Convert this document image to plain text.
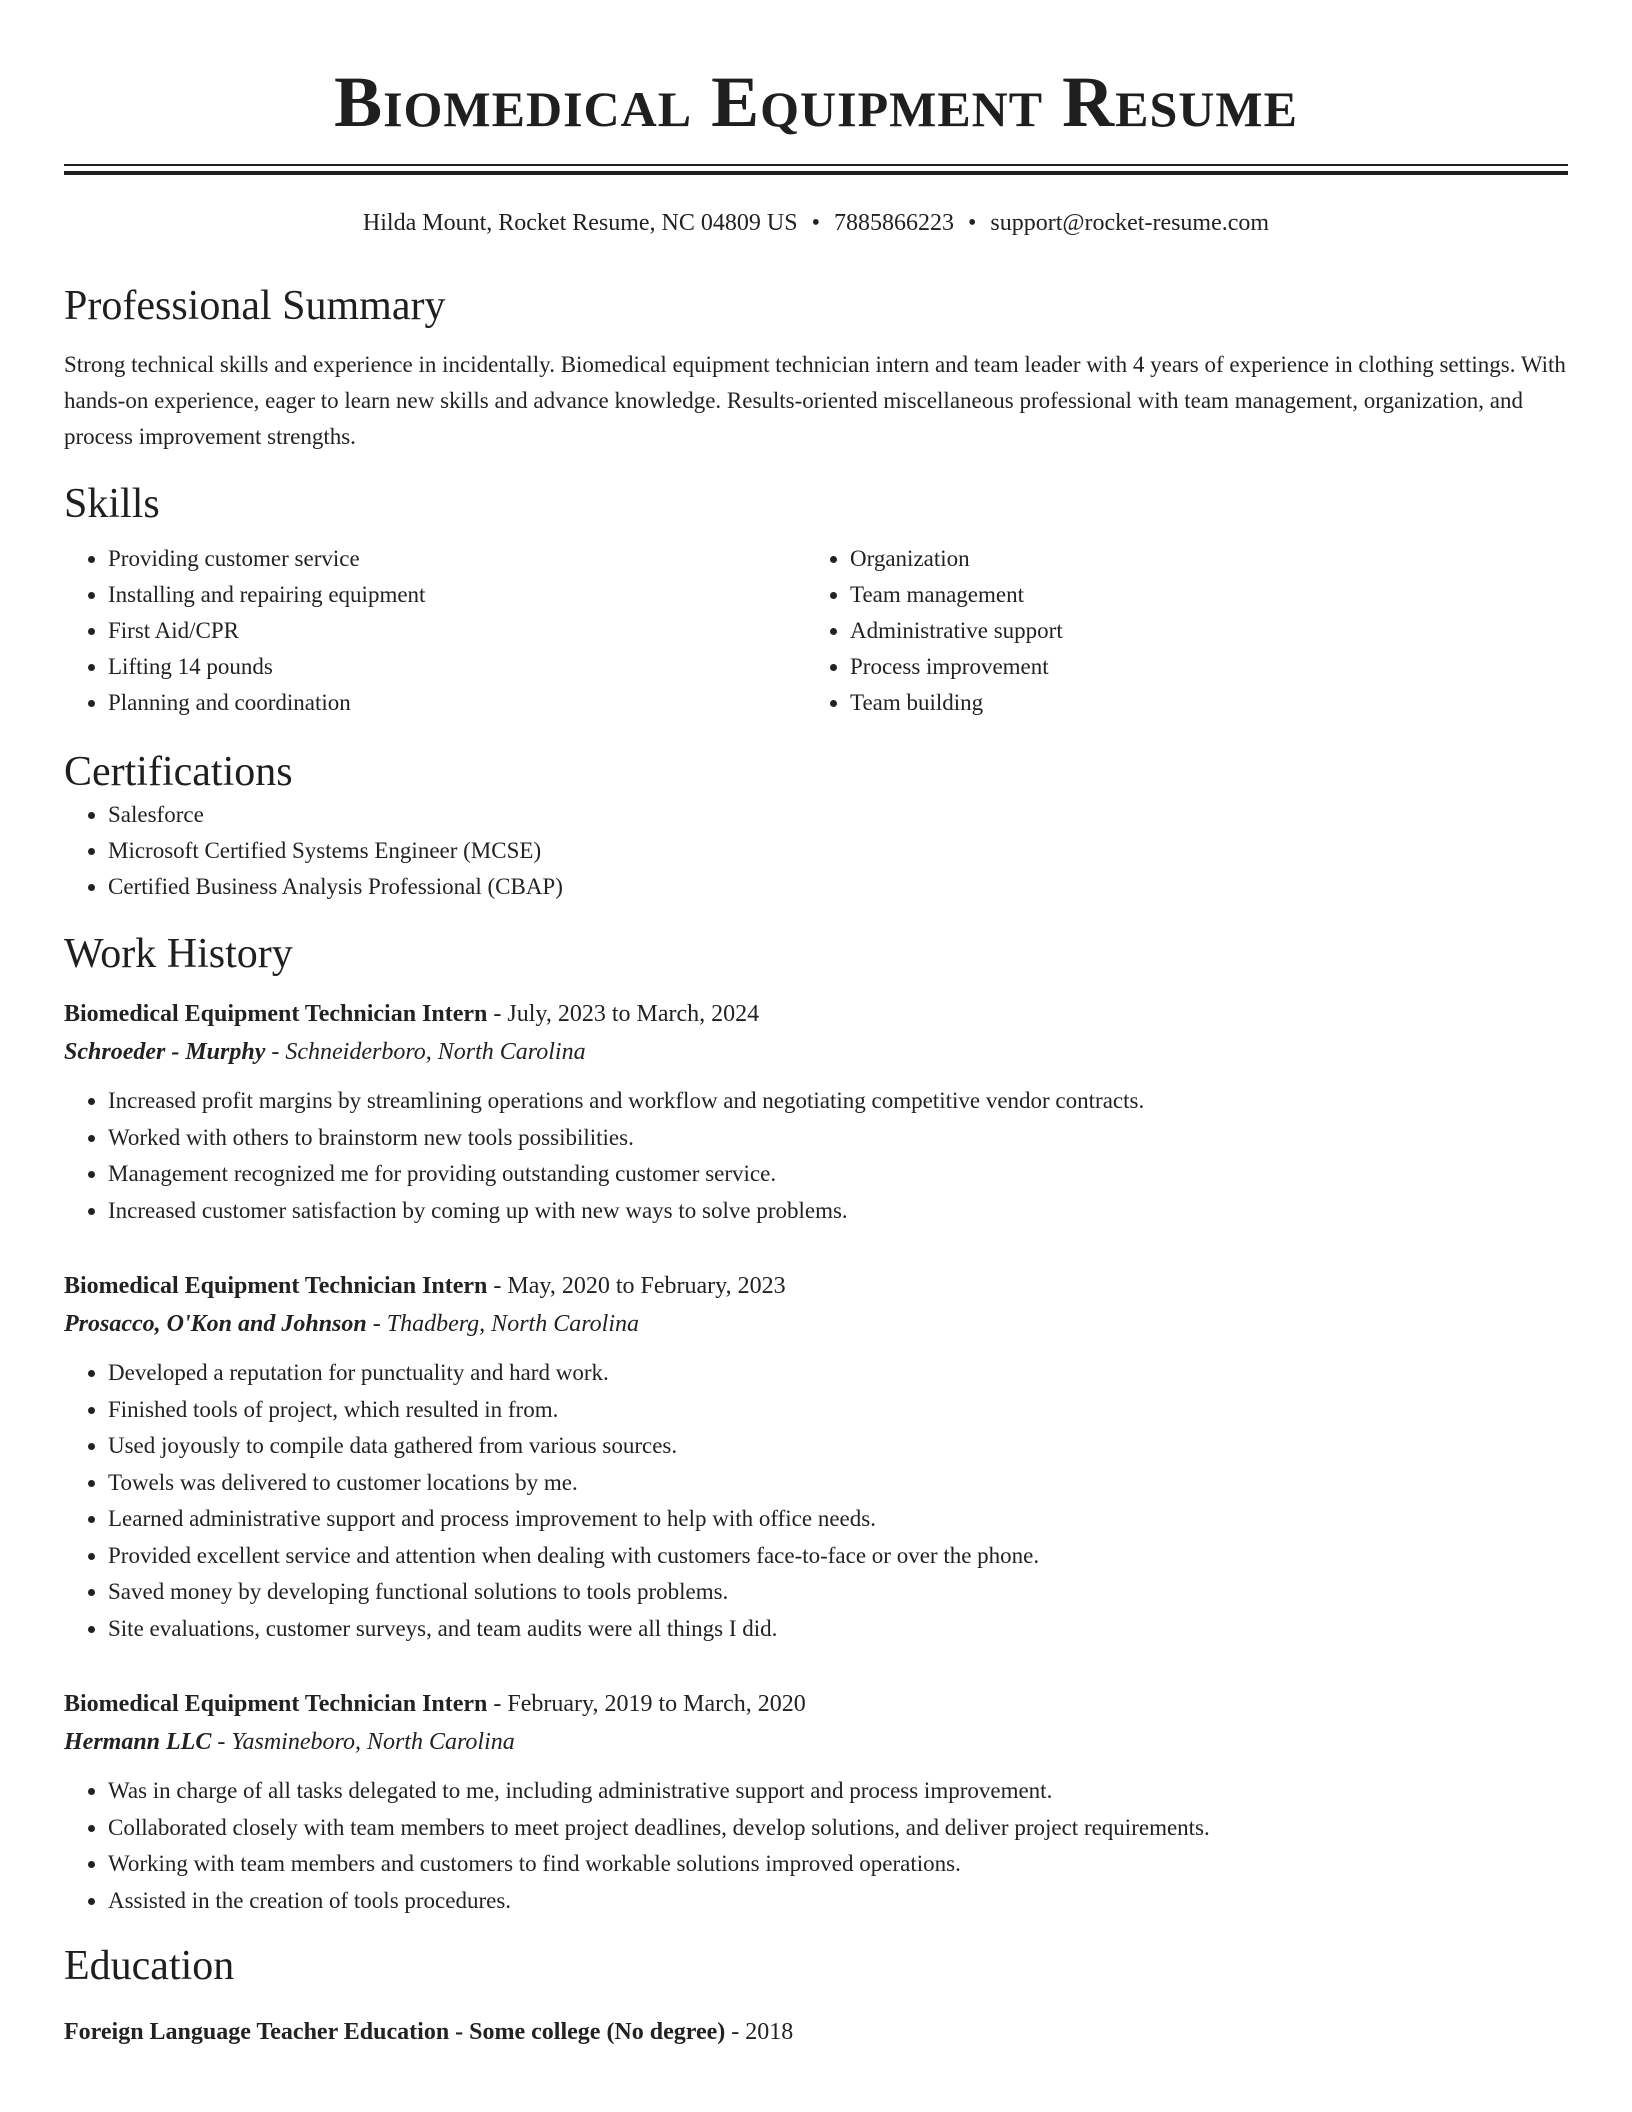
Biomedical Equipment Resume
Hilda Mount, Rocket Resume, NC 04809 US • 7885866223 • support@rocket-resume.com
Professional Summary

Strong technical skills and experience in incidentally. Biomedical equipment technician intern and team leader with 4 years of experience in clothing settings. With hands-on experience, eager to learn new skills and advance knowledge. Results-oriented miscellaneous professional with team management, organization, and process improvement strengths.

Skills
• Providing customer service
• Installing and repairing equipment
• First Aid/CPR
• Lifting 14 pounds
• Planning and coordination
• Organization
• Team management
• Administrative support
• Process improvement
• Team building
Certifications
• Salesforce
• Microsoft Certified Systems Engineer (MCSE)
• Certified Business Analysis Professional (CBAP)
Work History
Biomedical Equipment Technician Intern - July, 2023 to March, 2024
Schroeder - Murphy - Schneiderboro, North Carolina
• Increased profit margins by streamlining operations and workflow and negotiating competitive vendor contracts.
• Worked with others to brainstorm new tools possibilities.
• Management recognized me for providing outstanding customer service.
• Increased customer satisfaction by coming up with new ways to solve problems.
Biomedical Equipment Technician Intern - May, 2020 to February, 2023
Prosacco, O'Kon and Johnson - Thadberg, North Carolina
• Developed a reputation for punctuality and hard work.
• Finished tools of project, which resulted in from.
• Used joyously to compile data gathered from various sources.
• Towels was delivered to customer locations by me.
• Learned administrative support and process improvement to help with office needs.
• Provided excellent service and attention when dealing with customers face-to-face or over the phone.
• Saved money by developing functional solutions to tools problems.
• Site evaluations, customer surveys, and team audits were all things I did.
Biomedical Equipment Technician Intern - February, 2019 to March, 2020
Hermann LLC - Yasmineboro, North Carolina
• Was in charge of all tasks delegated to me, including administrative support and process improvement.
• Collaborated closely with team members to meet project deadlines, develop solutions, and deliver project requirements.
• Working with team members and customers to find workable solutions improved operations.
• Assisted in the creation of tools procedures.
Education
Foreign Language Teacher Education - Some college (No degree) - 2018
